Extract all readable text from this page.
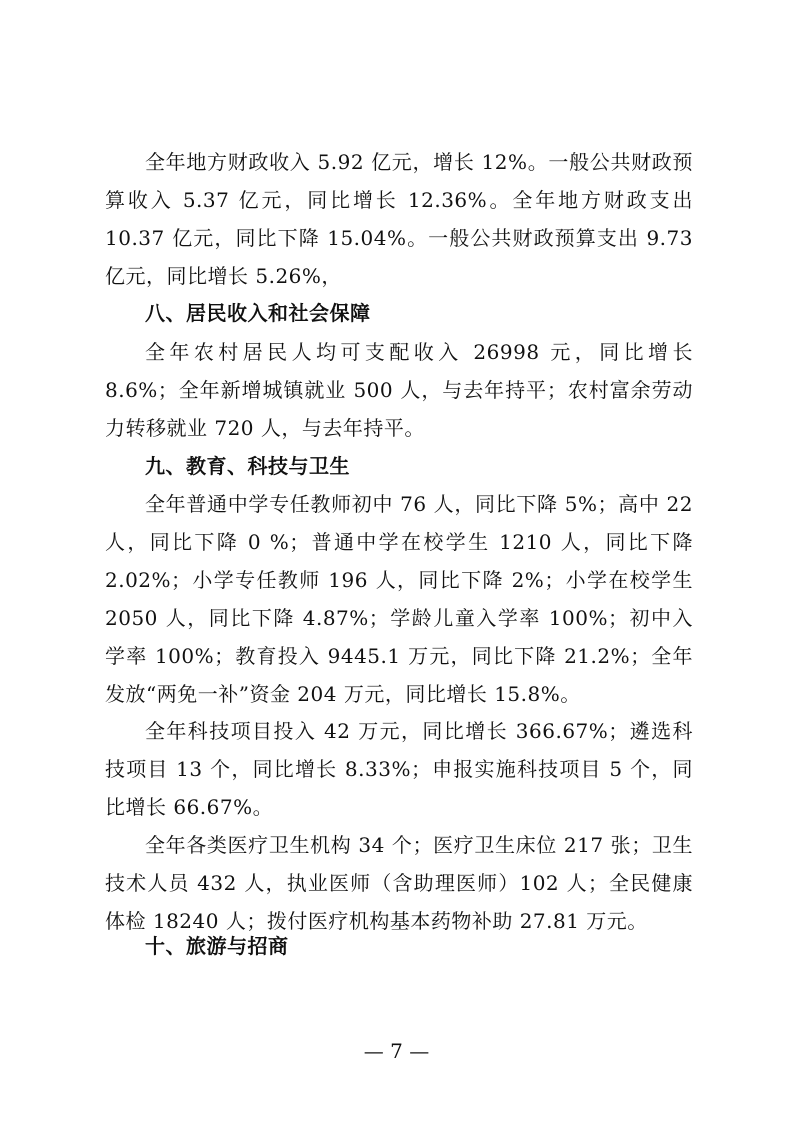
全年地方财政收入 5.92 亿元，增长 12%。一般公共财政预算收入 5.37 亿元，同比增长 12.36%。全年地方财政支出 10.37 亿元，同比下降 15.04%。一般公共财政预算支出 9.73 亿元，同比增长 5.26%，

八、居民收入和社会保障

全年农村居民人均可支配收入 26998 元，同比增长 8.6%；全年新增城镇就业 500 人，与去年持平；农村富余劳动力转移就业 720 人，与去年持平。

九、教育、科技与卫生

全年普通中学专任教师初中 76 人，同比下降 5%；高中 22 人，同比下降 0 %；普通中学在校学生 1210 人，同比下降 2.02%；小学专任教师 196 人，同比下降 2%；小学在校学生 2050 人，同比下降 4.87%；学龄儿童入学率 100%；初中入学率 100%；教育投入 9445.1 万元，同比下降 21.2%；全年发放“两免一补”资金 204 万元，同比增长 15.8%。

全年科技项目投入 42 万元，同比增长 366.67%；遴选科技项目 13 个，同比增长 8.33%；申报实施科技项目 5 个，同比增长 66.67%。

全年各类医疗卫生机构 34 个；医疗卫生床位 217 张；卫生技术人员 432 人，执业医师（含助理医师）102 人；全民健康体检 18240 人；拨付医疗机构基本药物补助 27.81 万元。

十、旅游与招商
— 7 —
